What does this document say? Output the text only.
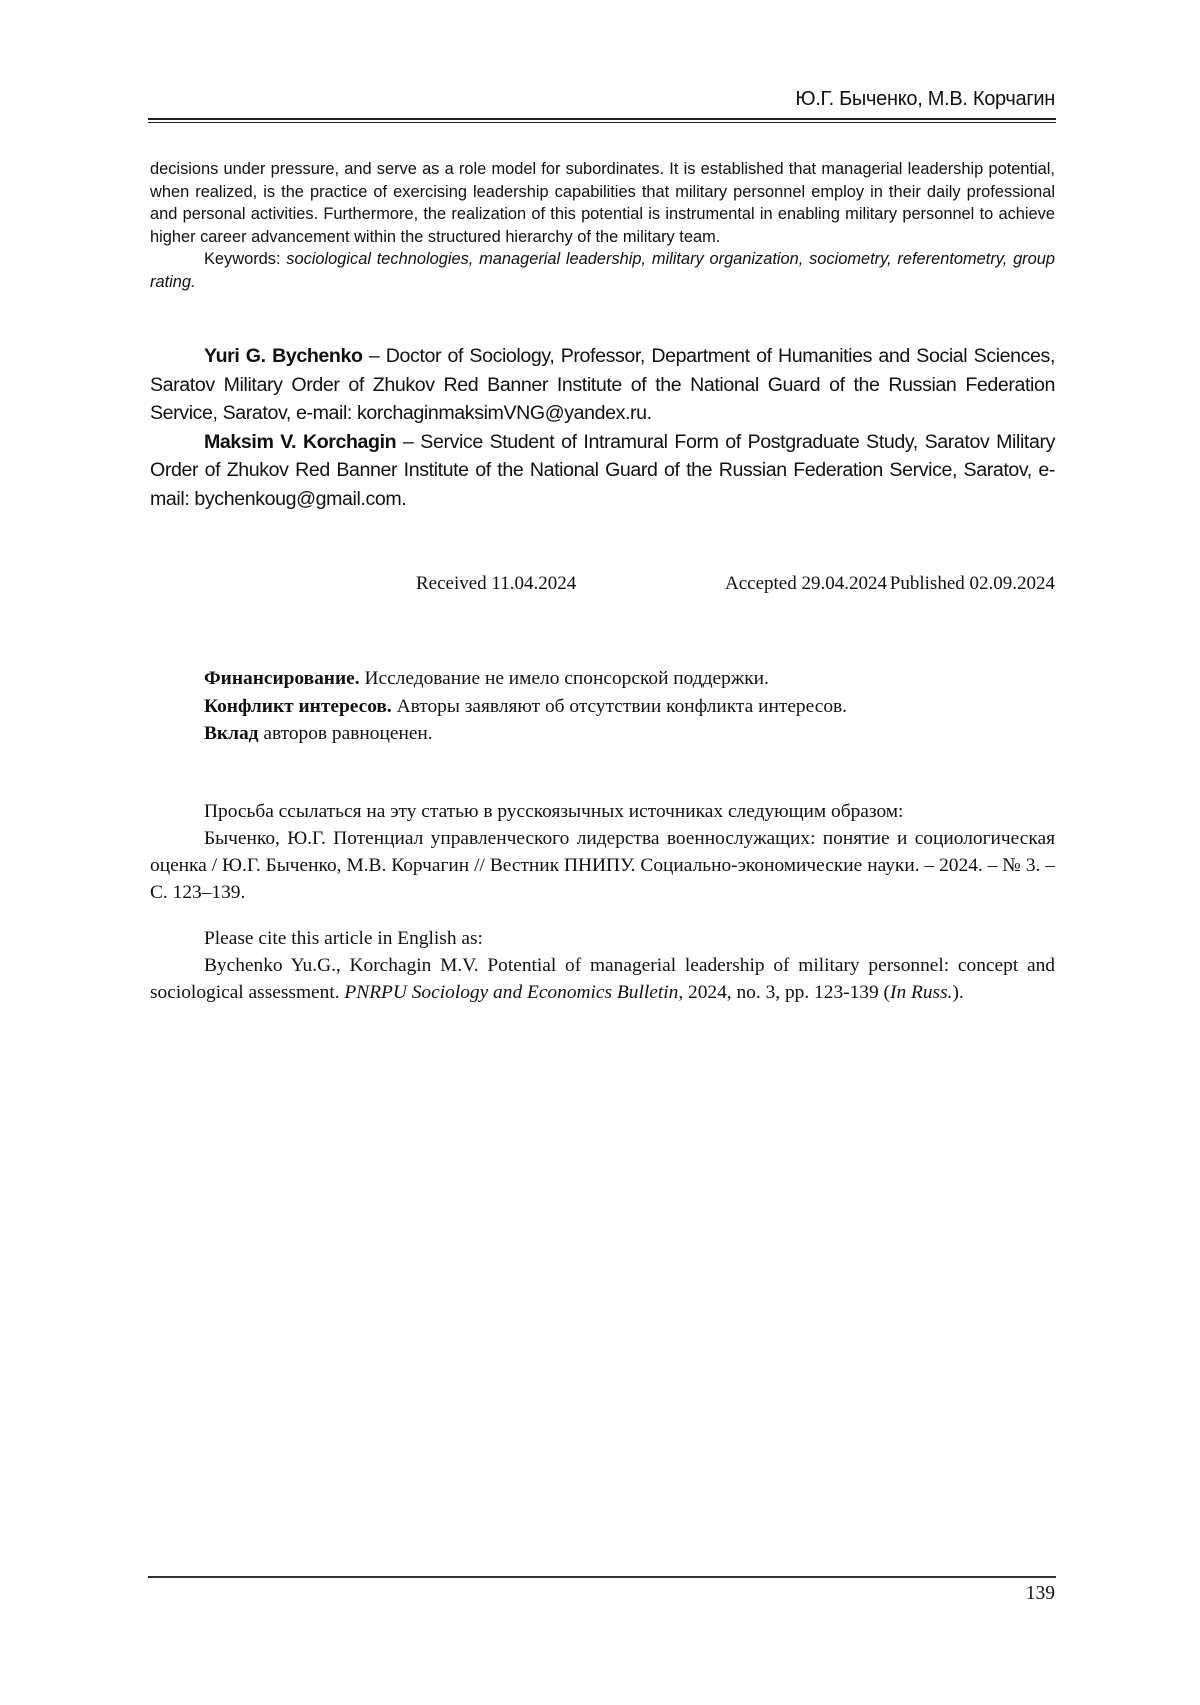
Ю.Г. Быченко, М.В. Корчагин

decisions under pressure, and serve as a role model for subordinates. It is established that managerial leadership potential, when realized, is the practice of exercising leadership capabilities that military personnel employ in their daily professional and personal activities. Furthermore, the realization of this potential is instrumental in enabling military personnel to achieve higher career advancement within the structured hierarchy of the military team.

Keywords: sociological technologies, managerial leadership, military organization, sociometry, referentometry, group rating.

Yuri G. Bychenko – Doctor of Sociology, Professor, Department of Humanities and Social Sciences, Saratov Military Order of Zhukov Red Banner Institute of the National Guard of the Russian Federation Service, Saratov, e-mail: korchaginmaksimVNG@yandex.ru.

Maksim V. Korchagin – Service Student of Intramural Form of Postgraduate Study, Saratov Military Order of Zhukov Red Banner Institute of the National Guard of the Russian Federation Service, Saratov, e-mail: bychenkoug@gmail.com.

Received 11.04.2024	Accepted 29.04.2024 Published 02.09.2024

Финансирование. Исследование не имело спонсорской поддержки.

Конфликт интересов. Авторы заявляют об отсутствии конфликта интересов.

Вклад авторов равноценен.

Просьба ссылаться на эту статью в русскоязычных источниках следующим образом:

Быченко, Ю.Г. Потенциал управленческого лидерства военнослужащих: понятие и социологическая оценка / Ю.Г. Быченко, М.В. Корчагин // Вестник ПНИПУ. Социально-экономические науки. – 2024. – № 3. – С. 123–139.

Please cite this article in English as:

Bychenko Yu.G., Korchagin M.V. Potential of managerial leadership of military personnel: concept and sociological assessment. PNRPU Sociology and Economics Bulletin, 2024, no. 3, pp. 123-139 (In Russ.).

139
